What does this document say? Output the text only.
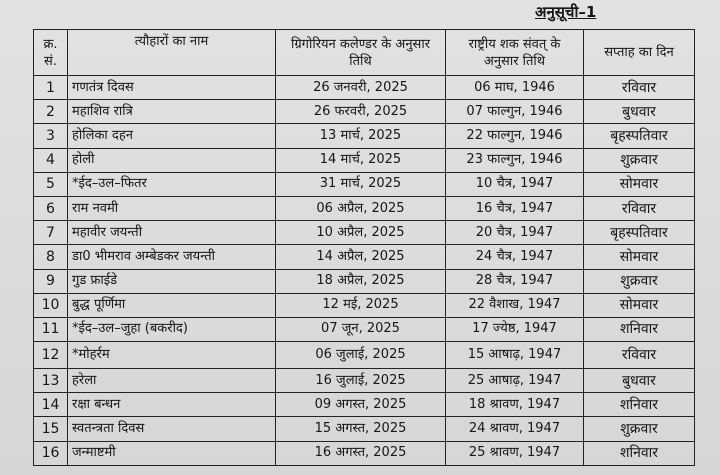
अनुसूची–1
क्र. सं.	त्यौहारों का नाम	ग्रिगोरियन कलेण्डर के अनुसार तिथि	राष्ट्रीय शक संवत् के अनुसार तिथि	सप्ताह का दिन
1	गणतंत्र दिवस	26 जनवरी, 2025	06 माघ, 1946	रविवार
2	महाशिव रात्रि	26 फरवरी, 2025	07 फाल्गुन, 1946	बुधवार
3	होलिका दहन	13 मार्च, 2025	22 फाल्गुन, 1946	बृहस्पतिवार
4	होली	14 मार्च, 2025	23 फाल्गुन, 1946	शुक्रवार
5	*ईद–उल–फितर	31 मार्च, 2025	10 चैत्र, 1947	सोमवार
6	राम नवमी	06 अप्रैल, 2025	16 चैत्र, 1947	रविवार
7	महावीर जयन्ती	10 अप्रैल, 2025	20 चैत्र, 1947	बृहस्पतिवार
8	डा0 भीमराव अम्बेडकर जयन्ती	14 अप्रैल, 2025	24 चैत्र, 1947	सोमवार
9	गुड फ्राईडे	18 अप्रैल, 2025	28 चैत्र, 1947	शुक्रवार
10	बुद्ध पूर्णिमा	12 मई, 2025	22 वैशाख, 1947	सोमवार
11	*ईद–उल–जुहा (बकरीद)	07 जून, 2025	17 ज्येष्ठ, 1947	शनिवार
12	*मोहर्रम	06 जुलाई, 2025	15 आषाढ़, 1947	रविवार
13	हरेला	16 जुलाई, 2025	25 आषाढ़, 1947	बुधवार
14	रक्षा बन्धन	09 अगस्त, 2025	18 श्रावण, 1947	शनिवार
15	स्वतन्त्रता दिवस	15 अगस्त, 2025	24 श्रावण, 1947	शुक्रवार
16	जन्माष्टमी	16 अगस्त, 2025	25 श्रावण, 1947	शनिवार
